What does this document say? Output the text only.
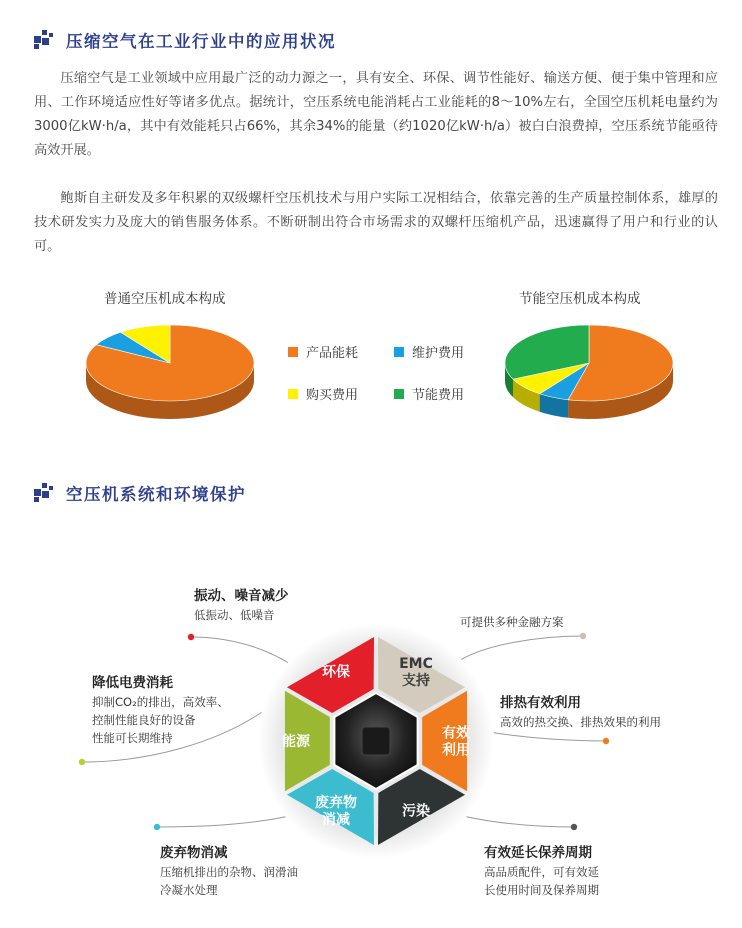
压缩空气在工业行业中的应用状况

压缩空气是工业领域中应用最广泛的动力源之一，具有安全、环保、调节性能好、输送方便、便于集中管理和应用、工作环境适应性好等诸多优点。据统计，空压系统电能消耗占工业能耗的8～10%左右，全国空压机耗电量约为3000亿kW·h/a，其中有效能耗只占66%，其余34%的能量（约1020亿kW·h/a）被白白浪费掉，空压系统节能亟待高效开展。

鲍斯自主研发及多年积累的双级螺杆空压机技术与用户实际工况相结合，依靠完善的生产质量控制体系，雄厚的技术研发实力及庞大的销售服务体系。不断研制出符合市场需求的双螺杆压缩机产品，迅速赢得了用户和行业的认可。

普通空压机成本构成	节能空压机成本构成
产品能耗	维护费用
购买费用	节能费用
空压机系统和环境保护
EMC
支持
有效
利用
污染
废弃物
消减
能源
环保
振动、噪音减少
低振动、低噪音	可提供多种金融方案
降低电费消耗
抑制CO₂的排出，高效率、
控制性能良好的设备
性能可长期维持
排热有效利用
高效的热交换、排热效果的利用
废弃物消减
压缩机排出的杂物、润滑油
冷凝水处理
有效延长保养周期
高品质配件，可有效延
长使用时间及保养周期
